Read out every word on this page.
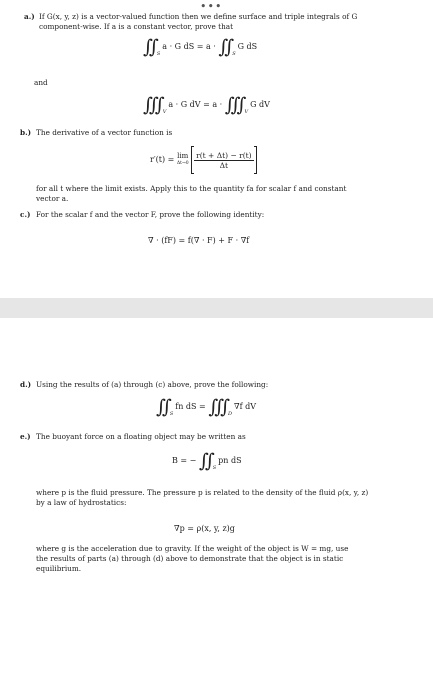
•••
a.) If G(x, y, z) is a vector-valued function then we define surface and triple integrals of G
component-wise. If a is a constant vector, prove that
∫∫ $_S$a · G dS = a · ∫∫ $_S$G dS
and
∫∫∫ $_V$a · G dV = a · ∫∫∫ $_V$G dV
b.) The derivative of a vector function is
r′(t) = lim
Δt→0
$\frac{r(t + \Delta t) - r(t)}{\Delta t}$
for all t where the limit exists. Apply this to the quantity fa for scalar f and constant
vector a.
c.) For the scalar f and the vector F, prove the following identity:
∇ · (fF) = f(∇ · F) + F · ∇f
d.) Using the results of (a) through (c) above, prove the following:
∫∫ $_S$fn dS = ∫∫∫ $_D$∇f dV
e.) The buoyant force on a floating object may be written as
B = − ∫∫ $_S$pn dS
where p is the fluid pressure. The pressure p is related to the density of the fluid ρ(x, y, z)
by a law of hydrostatics:
∇p = ρ(x, y, z)g
where g is the acceleration due to gravity. If the weight of the object is W = mg, use
the results of parts (a) through (d) above to demonstrate that the object is in static
equilibrium.
